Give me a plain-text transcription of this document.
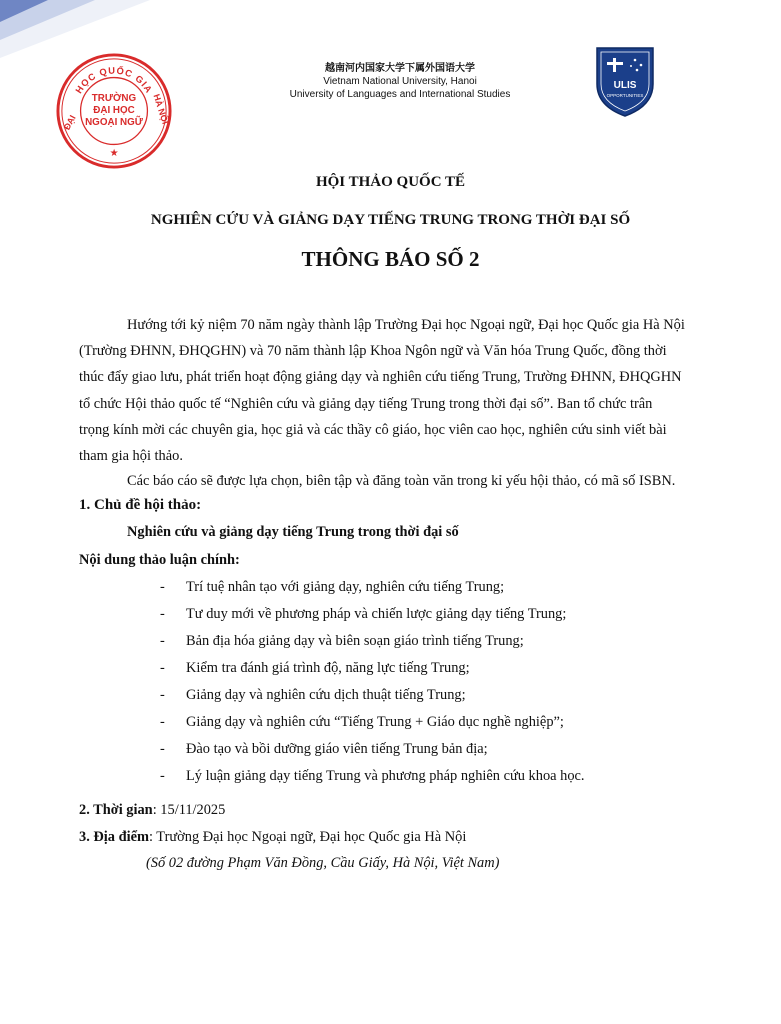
HỌC QUỐC GIA
ĐẠI	HÀ NỘI
TRƯỜNG
ĐẠI HỌC
NGOẠI NGỮ
★
越南河内国家大学下属外国语大学
Vietnam National University, Hanoi
University of Languages and International Studies
ULIS
OPPORTUNITIES
HỘI THẢO QUỐC TẾ
NGHIÊN CỨU VÀ GIẢNG DẠY TIẾNG TRUNG TRONG THỜI ĐẠI SỐ
THÔNG BÁO SỐ 2
Hướng tới kỷ niệm 70 năm ngày thành lập Trường Đại học Ngoại ngữ, Đại học Quốc gia Hà Nội
(Trường ĐHNN, ĐHQGHN) và 70 năm thành lập Khoa Ngôn ngữ và Văn hóa Trung Quốc, đồng thời
thúc đẩy giao lưu, phát triển hoạt động giảng dạy và nghiên cứu tiếng Trung, Trường ĐHNN, ĐHQGHN
tổ chức Hội thảo quốc tế “Nghiên cứu và giảng dạy tiếng Trung trong thời đại số”. Ban tổ chức trân
trọng kính mời các chuyên gia, học giả và các thầy cô giáo, học viên cao học, nghiên cứu sinh viết bài
tham gia hội thảo.
Các báo cáo sẽ được lựa chọn, biên tập và đăng toàn văn trong kỉ yếu hội thảo, có mã số ISBN.
1. Chủ đề hội thảo:
Nghiên cứu và giảng dạy tiếng Trung trong thời đại số
Nội dung thảo luận chính:
- Trí tuệ nhân tạo với giảng dạy, nghiên cứu tiếng Trung;
- Tư duy mới về phương pháp và chiến lược giảng dạy tiếng Trung;
- Bản địa hóa giảng dạy và biên soạn giáo trình tiếng Trung;
- Kiểm tra đánh giá trình độ, năng lực tiếng Trung;
- Giảng dạy và nghiên cứu dịch thuật tiếng Trung;
- Giảng dạy và nghiên cứu “Tiếng Trung + Giáo dục nghề nghiệp”;
- Đào tạo và bồi dưỡng giáo viên tiếng Trung bản địa;
- Lý luận giảng dạy tiếng Trung và phương pháp nghiên cứu khoa học.
2. Thời gian: 15/11/2025
3. Địa điểm: Trường Đại học Ngoại ngữ, Đại học Quốc gia Hà Nội
(Số 02 đường Phạm Văn Đồng, Cầu Giấy, Hà Nội, Việt Nam)
